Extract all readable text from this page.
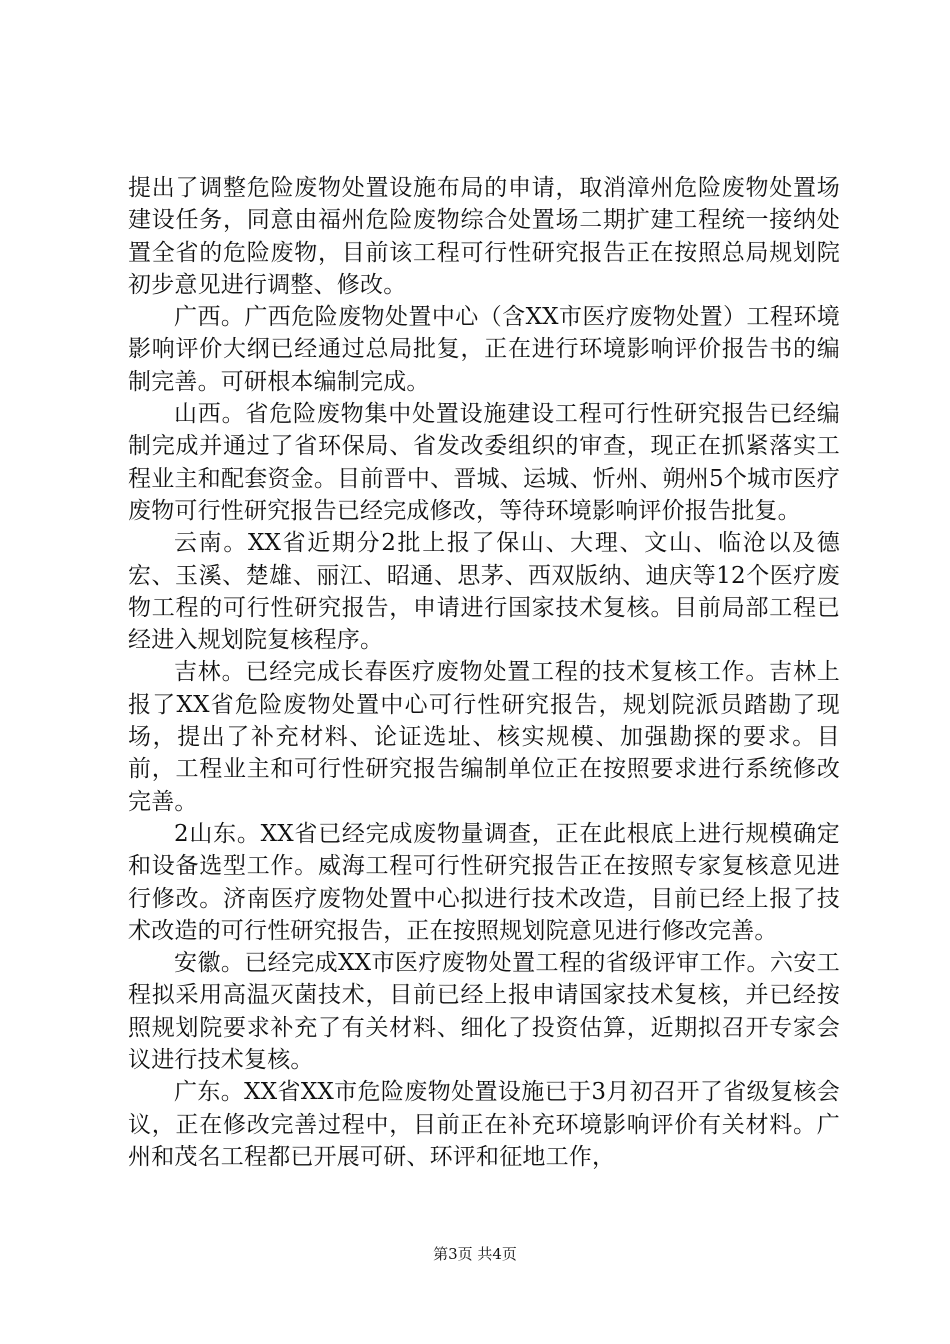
提出了调整危险废物处置设施布局的申请，取消漳州危险废物处置场建设任务，同意由福州危险废物综合处置场二期扩建工程统一接纳处置全省的危险废物，目前该工程可行性研究报告正在按照总局规划院初步意见进行调整、修改。

广西。广西危险废物处置中心（含XX市医疗废物处置）工程环境影响评价大纲已经通过总局批复，正在进行环境影响评价报告书的编制完善。可研根本编制完成。

山西。省危险废物集中处置设施建设工程可行性研究报告已经编制完成并通过了省环保局、省发改委组织的审查，现正在抓紧落实工程业主和配套资金。目前晋中、晋城、运城、忻州、朔州5个城市医疗废物可行性研究报告已经完成修改，等待环境影响评价报告批复。

云南。XX省近期分2批上报了保山、大理、文山、临沧以及德宏、玉溪、楚雄、丽江、昭通、思茅、西双版纳、迪庆等12个医疗废物工程的可行性研究报告，申请进行国家技术复核。目前局部工程已经进入规划院复核程序。

吉林。已经完成长春医疗废物处置工程的技术复核工作。吉林上报了XX省危险废物处置中心可行性研究报告，规划院派员踏勘了现场，提出了补充材料、论证选址、核实规模、加强勘探的要求。目前，工程业主和可行性研究报告编制单位正在按照要求进行系统修改完善。

2山东。XX省已经完成废物量调查，正在此根底上进行规模确定和设备选型工作。威海工程可行性研究报告正在按照专家复核意见进行修改。济南医疗废物处置中心拟进行技术改造，目前已经上报了技术改造的可行性研究报告，正在按照规划院意见进行修改完善。

安徽。已经完成XX市医疗废物处置工程的省级评审工作。六安工程拟采用高温灭菌技术，目前已经上报申请国家技术复核，并已经按照规划院要求补充了有关材料、细化了投资估算，近期拟召开专家会议进行技术复核。

广东。XX省XX市危险废物处置设施已于3月初召开了省级复核会议，正在修改完善过程中，目前正在补充环境影响评价有关材料。广州和茂名工程都已开展可研、环评和征地工作，

第3页 共4页
